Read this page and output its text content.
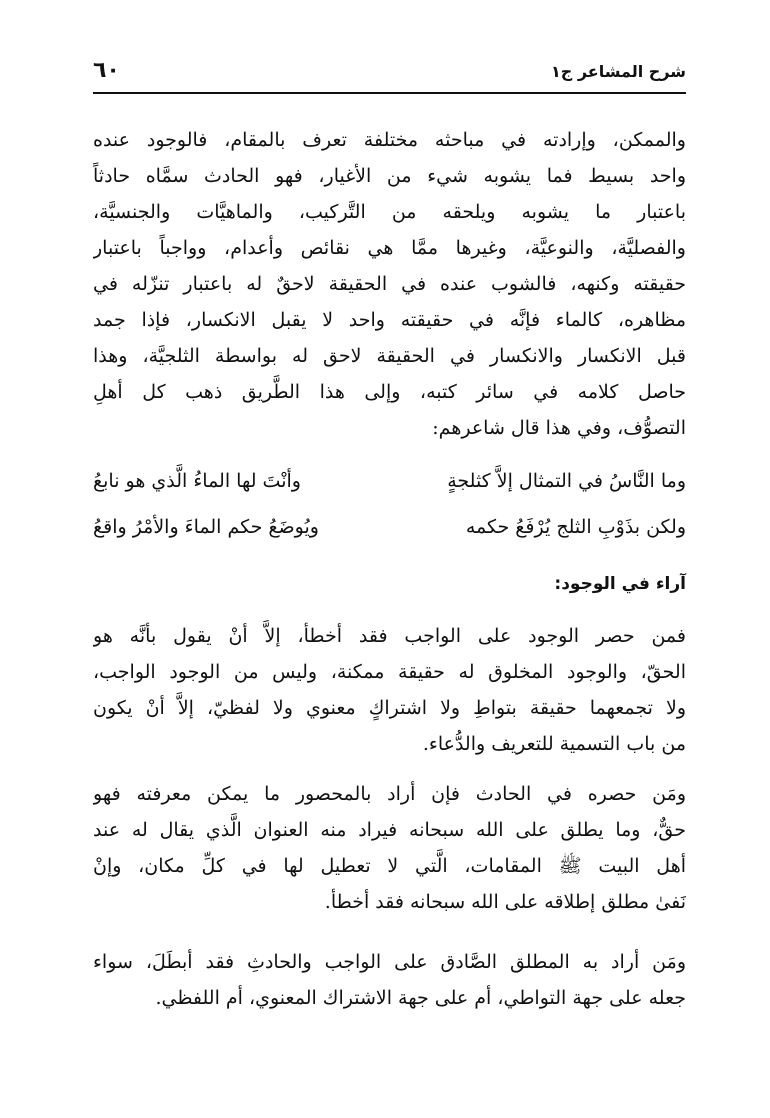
٦٠	شرح المشاعر ج١
والممكن، وإرادته في مباحثه مختلفة تعرف بالمقام، فالوجود عنده
واحد بسيط فما يشوبه شيء من الأغيار، فهو الحادث سمَّاه حادثاً
باعتبار ما يشوبه ويلحقه من التَّركيب، والماهيَّات والجنسيَّة،
والفصليَّة، والنوعيَّة، وغيرها ممَّا هي نقائص وأعدام، وواجباً باعتبار
حقيقته وكنهه، فالشوب عنده في الحقيقة لاحقٌ له باعتبار تنزّله في
مظاهره، كالماء فإنَّه في حقيقته واحد لا يقبل الانكسار، فإذا جمد
قبل الانكسار والانكسار في الحقيقة لاحق له بواسطة الثلجيَّة، وهذا
حاصل كلامه في سائر كتبه، وإلى هذا الطَّريق ذهب كل أهلِ
التصوُّف، وفي هذا قال شاعرهم:
وما النَّاسُ في التمثال إلاَّ كثلجةٍ
وأنْتَ لها الماءُ الَّذي هو نابعُ
ولكن بذَوْبِ الثلج يُرْفَعُ حكمه
ويُوضَعُ حكم الماءَ والأمْرُ واقعُ
آراء في الوجود:
فمن حصر الوجود على الواجب فقد أخطأ، إلاَّ أنْ يقول بأنَّه هو
الحقّ، والوجود المخلوق له حقيقة ممكنة، وليس من الوجود الواجب،
ولا تجمعهما حقيقة بتواطِ ولا اشتراكٍ معنوي ولا لفظيّ، إلاَّ أنْ يكون
من باب التسمية للتعريف والدُّعاء.
ومَن حصره في الحادث فإن أراد بالمحصور ما يمكن معرفته فهو
حقٌّ، وما يطلق على الله سبحانه فيراد منه العنوان الَّذي يقال له عند
أهل البيت ﷺ المقامات، الَّتي لا تعطيل لها في كلِّ مكان، وإنْ
نَفىٰ مطلق إطلاقه على الله سبحانه فقد أخطأ.
ومَن أراد به المطلق الصَّادق على الواجب والحادثِ فقد أبطَلَ، سواء
جعله على جهة التواطي، أم على جهة الاشتراك المعنوي، أم اللفظي.
